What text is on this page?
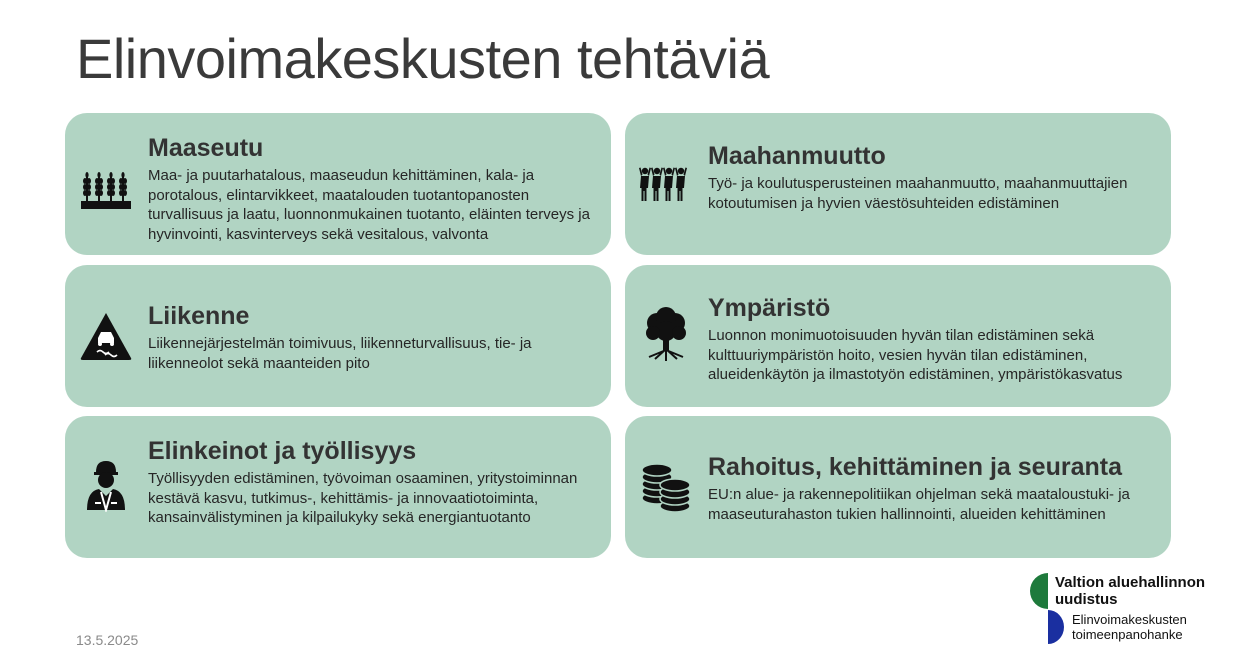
Elinvoimakeskusten tehtäviä
Maaseutu

Maa- ja puutarhatalous, maaseudun kehittäminen, kala- ja porotalous, elintarvikkeet, maatalouden tuotantopanosten turvallisuus ja laatu, luonnonmukainen tuotanto, eläinten terveys ja hyvinvointi, kasvinterveys sekä vesitalous, valvonta

Maahanmuutto

Työ- ja koulutusperusteinen maahanmuutto, maahanmuuttajien kotoutumisen ja hyvien väestösuhteiden edistäminen

Liikenne

Liikennejärjestelmän toimivuus, liikenneturvallisuus, tie- ja liikenneolot sekä maanteiden pito

Ympäristö

Luonnon monimuotoisuuden hyvän tilan edistäminen sekä kulttuuriympäristön hoito, vesien hyvän tilan edistäminen, alueidenkäytön ja ilmastotyön edistäminen, ympäristökasvatus

Elinkeinot ja työllisyys

Työllisyyden edistäminen, työvoiman osaaminen, yritystoiminnan kestävä kasvu, tutkimus-, kehittämis- ja innovaatiotoiminta, kansainvälistyminen ja kilpailukyky sekä energiantuotanto

Rahoitus, kehittäminen ja seuranta

EU:n alue- ja rakennepolitiikan ohjelman sekä maataloustuki- ja maaseuturahaston tukien hallinnointi, alueiden kehittäminen

13.5.2025
Valtion aluehallinnon
uudistus
Elinvoimakeskusten
toimeenpanohanke
